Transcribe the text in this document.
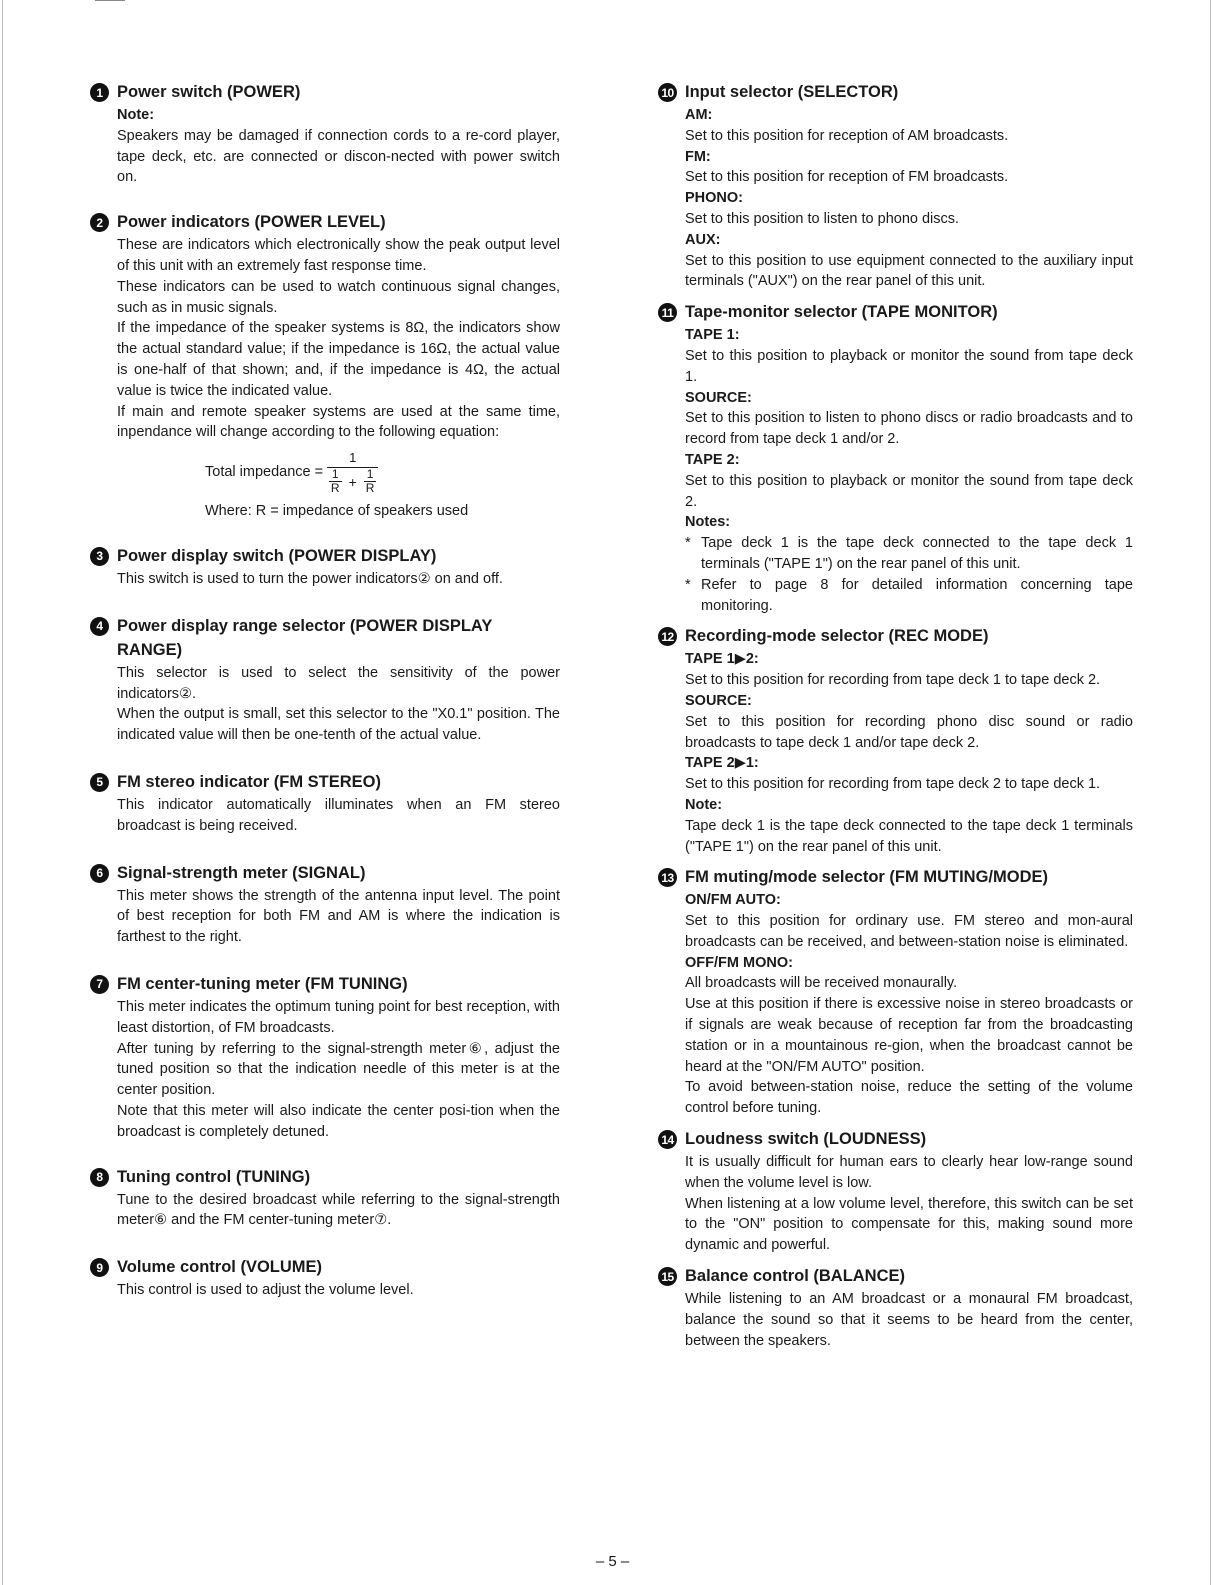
1 Power switch (POWER)
Note:
Speakers may be damaged if connection cords to a re-cord player, tape deck, etc. are connected or discon-nected with power switch on.
2 Power indicators (POWER LEVEL)
These are indicators which electronically show the peak output level of this unit with an extremely fast response time.
These indicators can be used to watch continuous signal changes, such as in music signals.
If the impedance of the speaker systems is 8Ω, the indicators show the actual standard value; if the impedance is 16Ω, the actual value is one-half of that shown; and, if the impedance is 4Ω, the actual value is twice the indicated value.
If main and remote speaker systems are used at the same time, inpendance will change according to the following equation:
Total impedance = $\frac{1}{\frac{1}{R} + \frac{1}{R}}$
Where: R = impedance of speakers used
3 Power display switch (POWER DISPLAY)
This switch is used to turn the power indicators② on and off.
4 Power display range selector (POWER DISPLAY RANGE)
This selector is used to select the sensitivity of the power indicators②.
When the output is small, set this selector to the "X0.1" position. The indicated value will then be one-tenth of the actual value.
5 FM stereo indicator (FM STEREO)
This indicator automatically illuminates when an FM stereo broadcast is being received.
6 Signal-strength meter (SIGNAL)
This meter shows the strength of the antenna input level. The point of best reception for both FM and AM is where the indication is farthest to the right.
7 FM center-tuning meter (FM TUNING)
This meter indicates the optimum tuning point for best reception, with least distortion, of FM broadcasts.
After tuning by referring to the signal-strength meter⑥, adjust the tuned position so that the indication needle of this meter is at the center position.
Note that this meter will also indicate the center posi-tion when the broadcast is completely detuned.
8 Tuning control (TUNING)
Tune to the desired broadcast while referring to the signal-strength meter⑥ and the FM center-tuning meter⑦.
9 Volume control (VOLUME)
This control is used to adjust the volume level.
10 Input selector (SELECTOR)
AM:
Set to this position for reception of AM broadcasts.
FM:
Set to this position for reception of FM broadcasts.
PHONO:
Set to this position to listen to phono discs.
AUX:
Set to this position to use equipment connected to the auxiliary input terminals ("AUX") on the rear panel of this unit.
11 Tape-monitor selector (TAPE MONITOR)
TAPE 1:
Set to this position to playback or monitor the sound from tape deck 1.
SOURCE:
Set to this position to listen to phono discs or radio broadcasts and to record from tape deck 1 and/or 2.
TAPE 2:
Set to this position to playback or monitor the sound from tape deck 2.
Notes:
* Tape deck 1 is the tape deck connected to the tape deck 1 terminals ("TAPE 1") on the rear panel of this unit.
* Refer to page 8 for detailed information concerning tape monitoring.
12 Recording-mode selector (REC MODE)
TAPE 1▶2:
Set to this position for recording from tape deck 1 to tape deck 2.
SOURCE:
Set to this position for recording phono disc sound or radio broadcasts to tape deck 1 and/or tape deck 2.
TAPE 2▶1:
Set to this position for recording from tape deck 2 to tape deck 1.
Note:
Tape deck 1 is the tape deck connected to the tape deck 1 terminals ("TAPE 1") on the rear panel of this unit.
13 FM muting/mode selector (FM MUTING/MODE)
ON/FM AUTO:
Set to this position for ordinary use. FM stereo and mon-aural broadcasts can be received, and between-station noise is eliminated.
OFF/FM MONO:
All broadcasts will be received monaurally.
Use at this position if there is excessive noise in stereo broadcasts or if signals are weak because of reception far from the broadcasting station or in a mountainous re-gion, when the broadcast cannot be heard at the "ON/FM AUTO" position.
To avoid between-station noise, reduce the setting of the volume control before tuning.
14 Loudness switch (LOUDNESS)
It is usually difficult for human ears to clearly hear low-range sound when the volume level is low.
When listening at a low volume level, therefore, this switch can be set to the "ON" position to compensate for this, making sound more dynamic and powerful.
15 Balance control (BALANCE)
While listening to an AM broadcast or a monaural FM broadcast, balance the sound so that it seems to be heard from the center, between the speakers.
– 5 –
